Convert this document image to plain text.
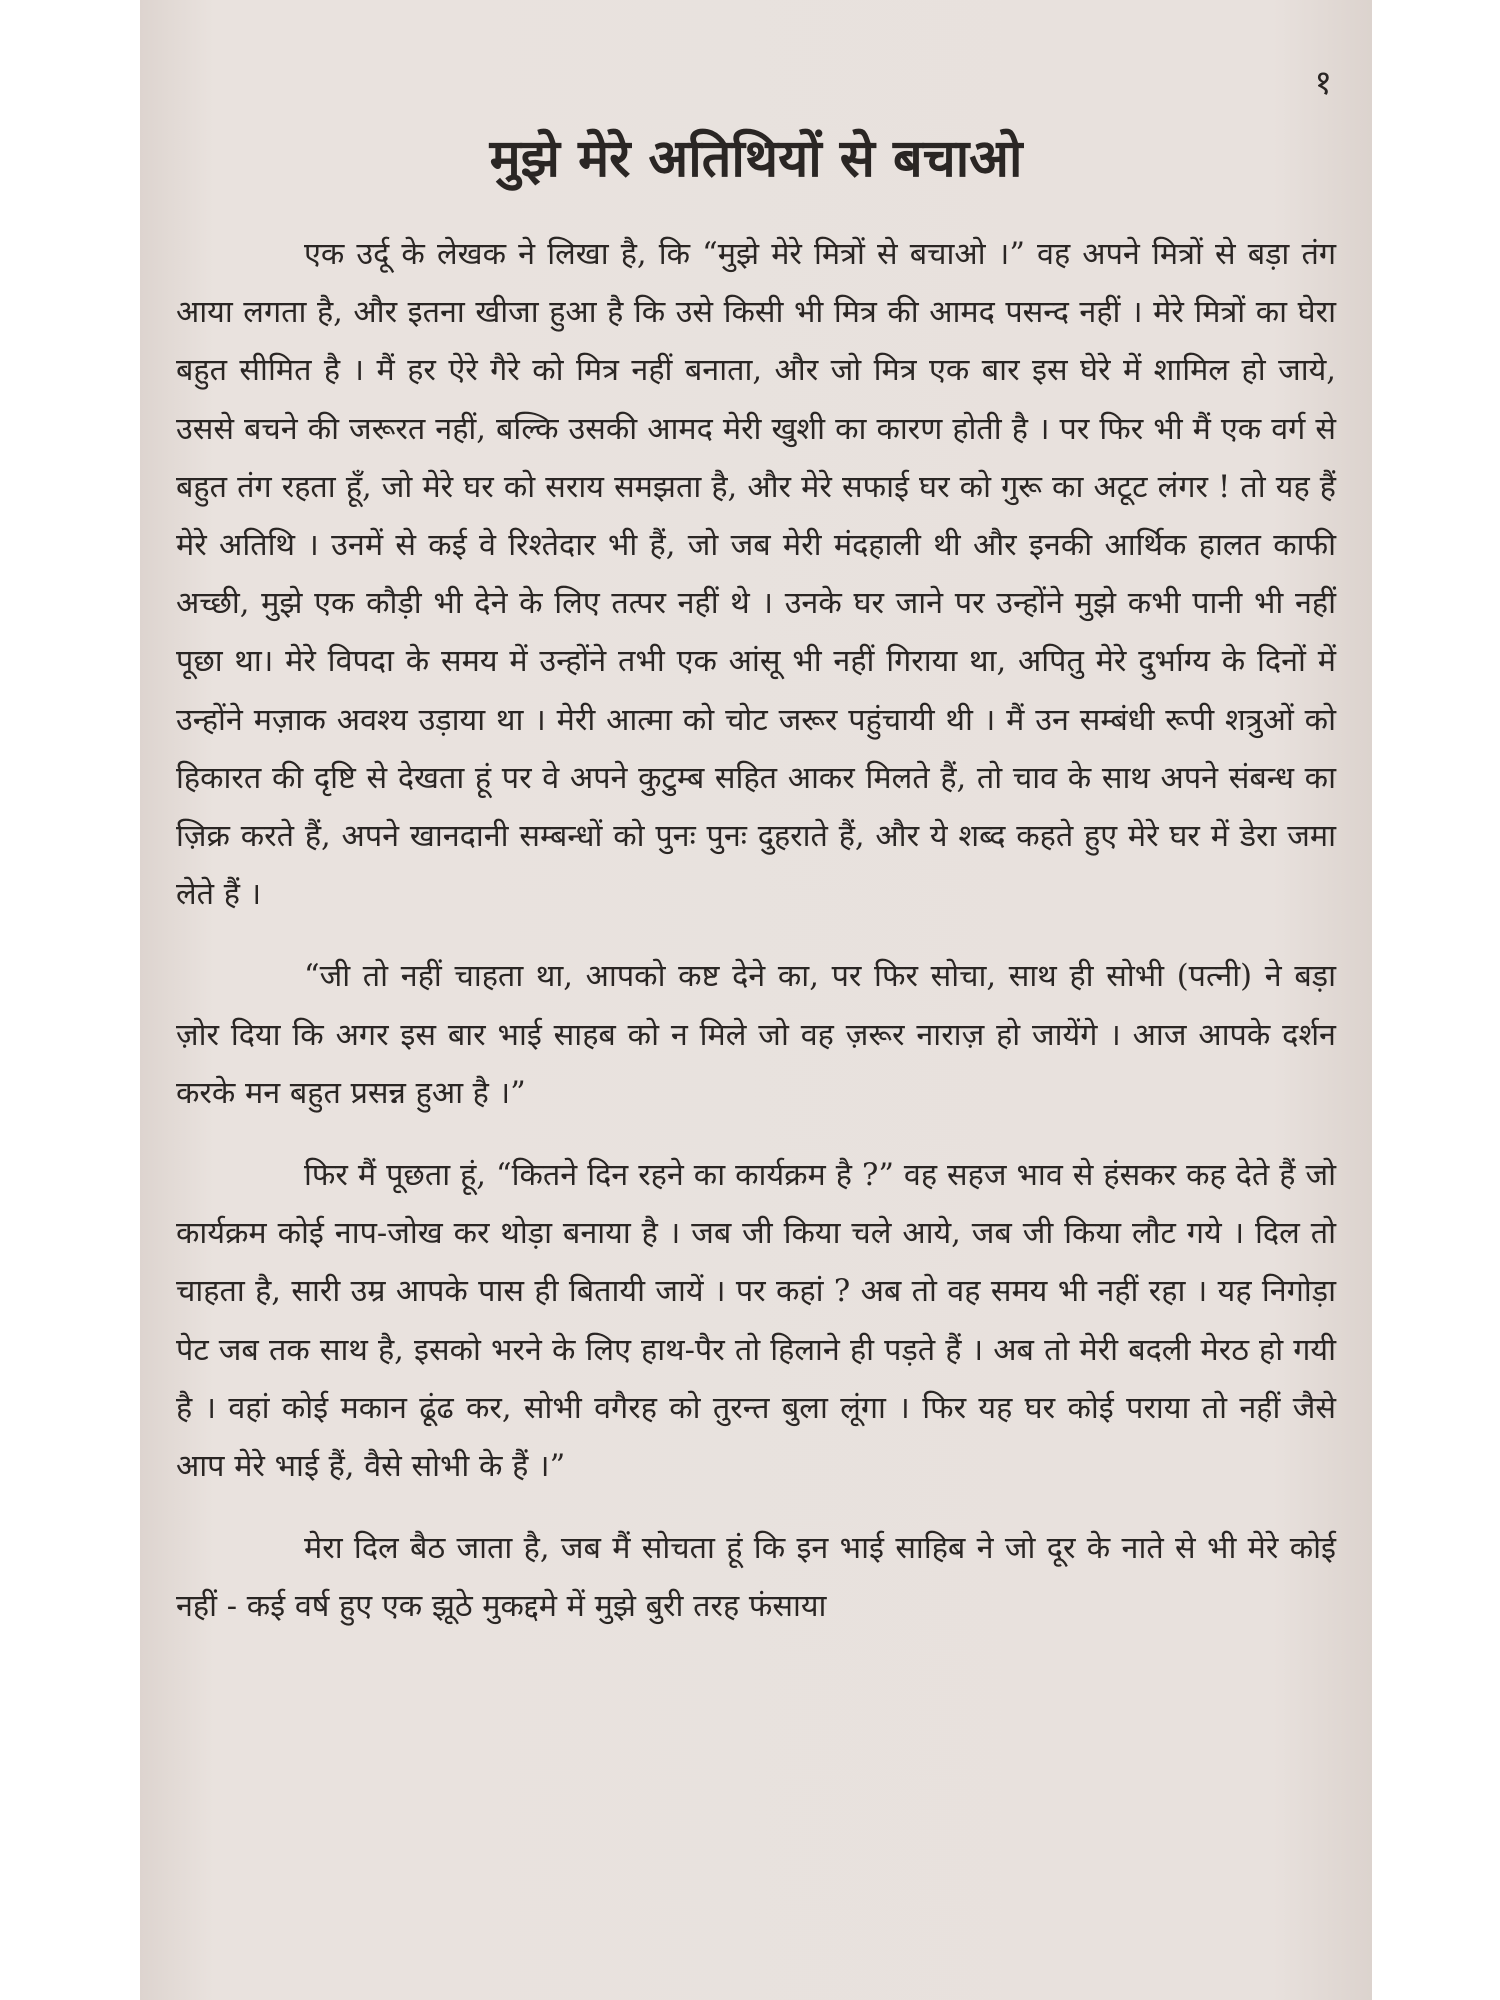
१

मुझे मेरे अतिथियों से बचाओ

एक उर्दू के लेखक ने लिखा है, कि “मुझे मेरे मित्रों से बचाओ ।” वह अपने मित्रों से बड़ा तंग आया लगता है, और इतना खीजा हुआ है कि उसे किसी भी मित्र की आमद पसन्द नहीं । मेरे मित्रों का घेरा बहुत सीमित है । मैं हर ऐरे गैरे को मित्र नहीं बनाता, और जो मित्र एक बार इस घेरे में शामिल हो जाये, उससे बचने की जरूरत नहीं, बल्कि उसकी आमद मेरी खुशी का कारण होती है । पर फिर भी मैं एक वर्ग से बहुत तंग रहता हूँ, जो मेरे घर को सराय समझता है, और मेरे सफाई घर को गुरू का अटूट लंगर ! तो यह हैं मेरे अतिथि । उनमें से कई वे रिश्तेदार भी हैं, जो जब मेरी मंदहाली थी और इनकी आर्थिक हालत काफी अच्छी, मुझे एक कौड़ी भी देने के लिए तत्पर नहीं थे । उनके घर जाने पर उन्होंने मुझे कभी पानी भी नहीं पूछा था। मेरे विपदा के समय में उन्होंने तभी एक आंसू भी नहीं गिराया था, अपितु मेरे दुर्भाग्य के दिनों में उन्होंने मज़ाक अवश्य उड़ाया था । मेरी आत्मा को चोट जरूर पहुंचायी थी । मैं उन सम्बंधी रूपी शत्रुओं को हिकारत की दृष्टि से देखता हूं पर वे अपने कुटुम्ब सहित आकर मिलते हैं, तो चाव के साथ अपने संबन्ध का ज़िक्र करते हैं, अपने खानदानी सम्बन्धों को पुनः पुनः दुहराते हैं, और ये शब्द कहते हुए मेरे घर में डेरा जमा लेते हैं ।

“जी तो नहीं चाहता था, आपको कष्ट देने का, पर फिर सोचा, साथ ही सोभी (पत्नी) ने बड़ा ज़ोर दिया कि अगर इस बार भाई साहब को न मिले जो वह ज़रूर नाराज़ हो जायेंगे । आज आपके दर्शन करके मन बहुत प्रसन्न हुआ है ।”

फिर मैं पूछता हूं, “कितने दिन रहने का कार्यक्रम है ?” वह सहज भाव से हंसकर कह देते हैं जो कार्यक्रम कोई नाप-जोख कर थोड़ा बनाया है । जब जी किया चले आये, जब जी किया लौट गये । दिल तो चाहता है, सारी उम्र आपके पास ही बितायी जायें । पर कहां ? अब तो वह समय भी नहीं रहा । यह निगोड़ा पेट जब तक साथ है, इसको भरने के लिए हाथ-पैर तो हिलाने ही पड़ते हैं । अब तो मेरी बदली मेरठ हो गयी है । वहां कोई मकान ढूंढ कर, सोभी वगैरह को तुरन्त बुला लूंगा । फिर यह घर कोई पराया तो नहीं जैसे आप मेरे भाई हैं, वैसे सोभी के हैं ।”

मेरा दिल बैठ जाता है, जब मैं सोचता हूं कि इन भाई साहिब ने जो दूर के नाते से भी मेरे कोई नहीं - कई वर्ष हुए एक झूठे मुकद्दमे में मुझे बुरी तरह फंसाया
